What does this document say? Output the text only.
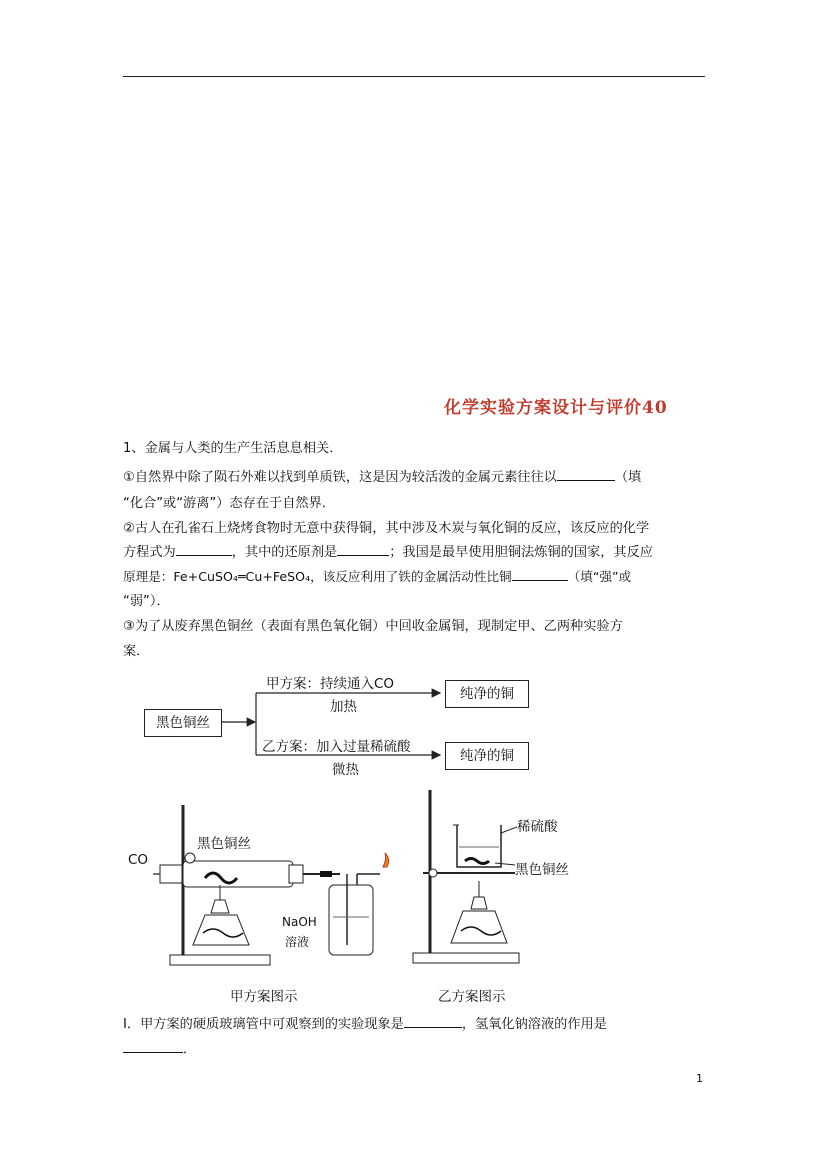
化学实验方案设计与评价40
1、金属与人类的生产生活息息相关．
①自然界中除了陨石外难以找到单质铁，这是因为较活泼的金属元素往往以	（填
“化合”或“游离”）态存在于自然界．
②古人在孔雀石上烧烤食物时无意中获得铜，其中涉及木炭与氧化铜的反应，该反应的化学
方程式为	，其中的还原剂是	；我国是最早使用胆铜法炼铜的国家，其反应
原理是：Fe+CuSO₄═Cu+FeSO₄，该反应利用了铁的金属活动性比铜	（填“强”或
“弱”）．
③为了从废弃黑色铜丝（表面有黑色氧化铜）中回收金属铜，现制定甲、乙两种实验方
案．
黑色铜丝
甲方案：持续通入CO
加热
纯净的铜
乙方案：加入过量稀硫酸
微热
纯净的铜
CO
黑色铜丝
NaOH
溶液
稀硫酸
黑色铜丝
甲方案图示	乙方案图示
Ⅰ．甲方案的硬质玻璃管中可观察到的实验现象是	，氢氧化钠溶液的作用是
．
1
